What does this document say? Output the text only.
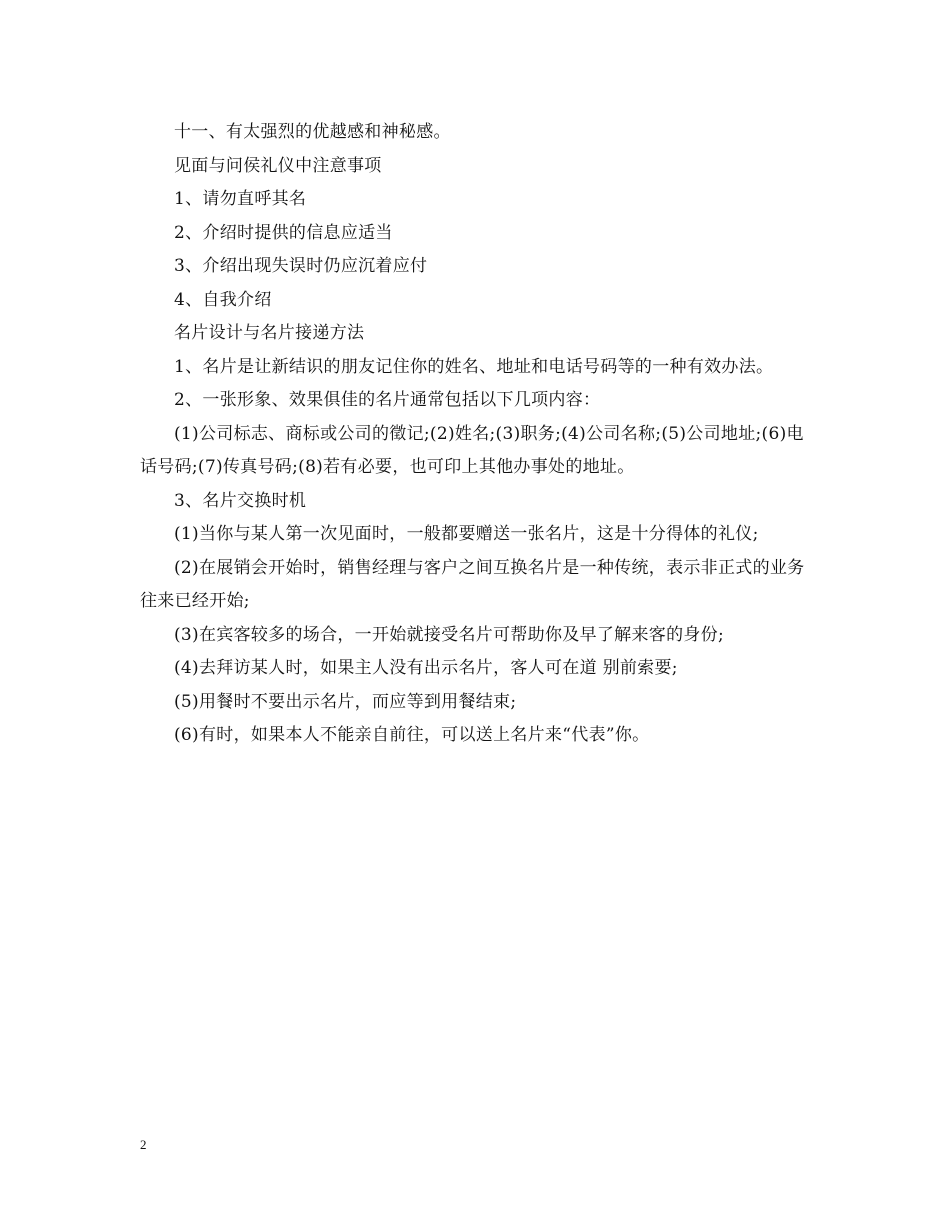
十一、有太强烈的优越感和神秘感。

见面与问侯礼仪中注意事项

1、请勿直呼其名

2、介绍时提供的信息应适当

3、介绍出现失误时仍应沉着应付

4、自我介绍

名片设计与名片接递方法

1、名片是让新结识的朋友记住你的姓名、地址和电话号码等的一种有效办法。

2、一张形象、效果俱佳的名片通常包括以下几项内容：

(1)公司标志、商标或公司的徵记;(2)姓名;(3)职务;(4)公司名称;(5)公司地址;(6)电话号码;(7)传真号码;(8)若有必要，也可印上其他办事处的地址。

3、名片交换时机

(1)当你与某人第一次见面时，一般都要赠送一张名片，这是十分得体的礼仪;

(2)在展销会开始时，销售经理与客户之间互换名片是一种传统，表示非正式的业务往来已经开始;

(3)在宾客较多的场合，一开始就接受名片可帮助你及早了解来客的身份;

(4)去拜访某人时，如果主人没有出示名片，客人可在道 别前索要;

(5)用餐时不要出示名片，而应等到用餐结束;

(6)有时，如果本人不能亲自前往，可以送上名片来“代表”你。

2
